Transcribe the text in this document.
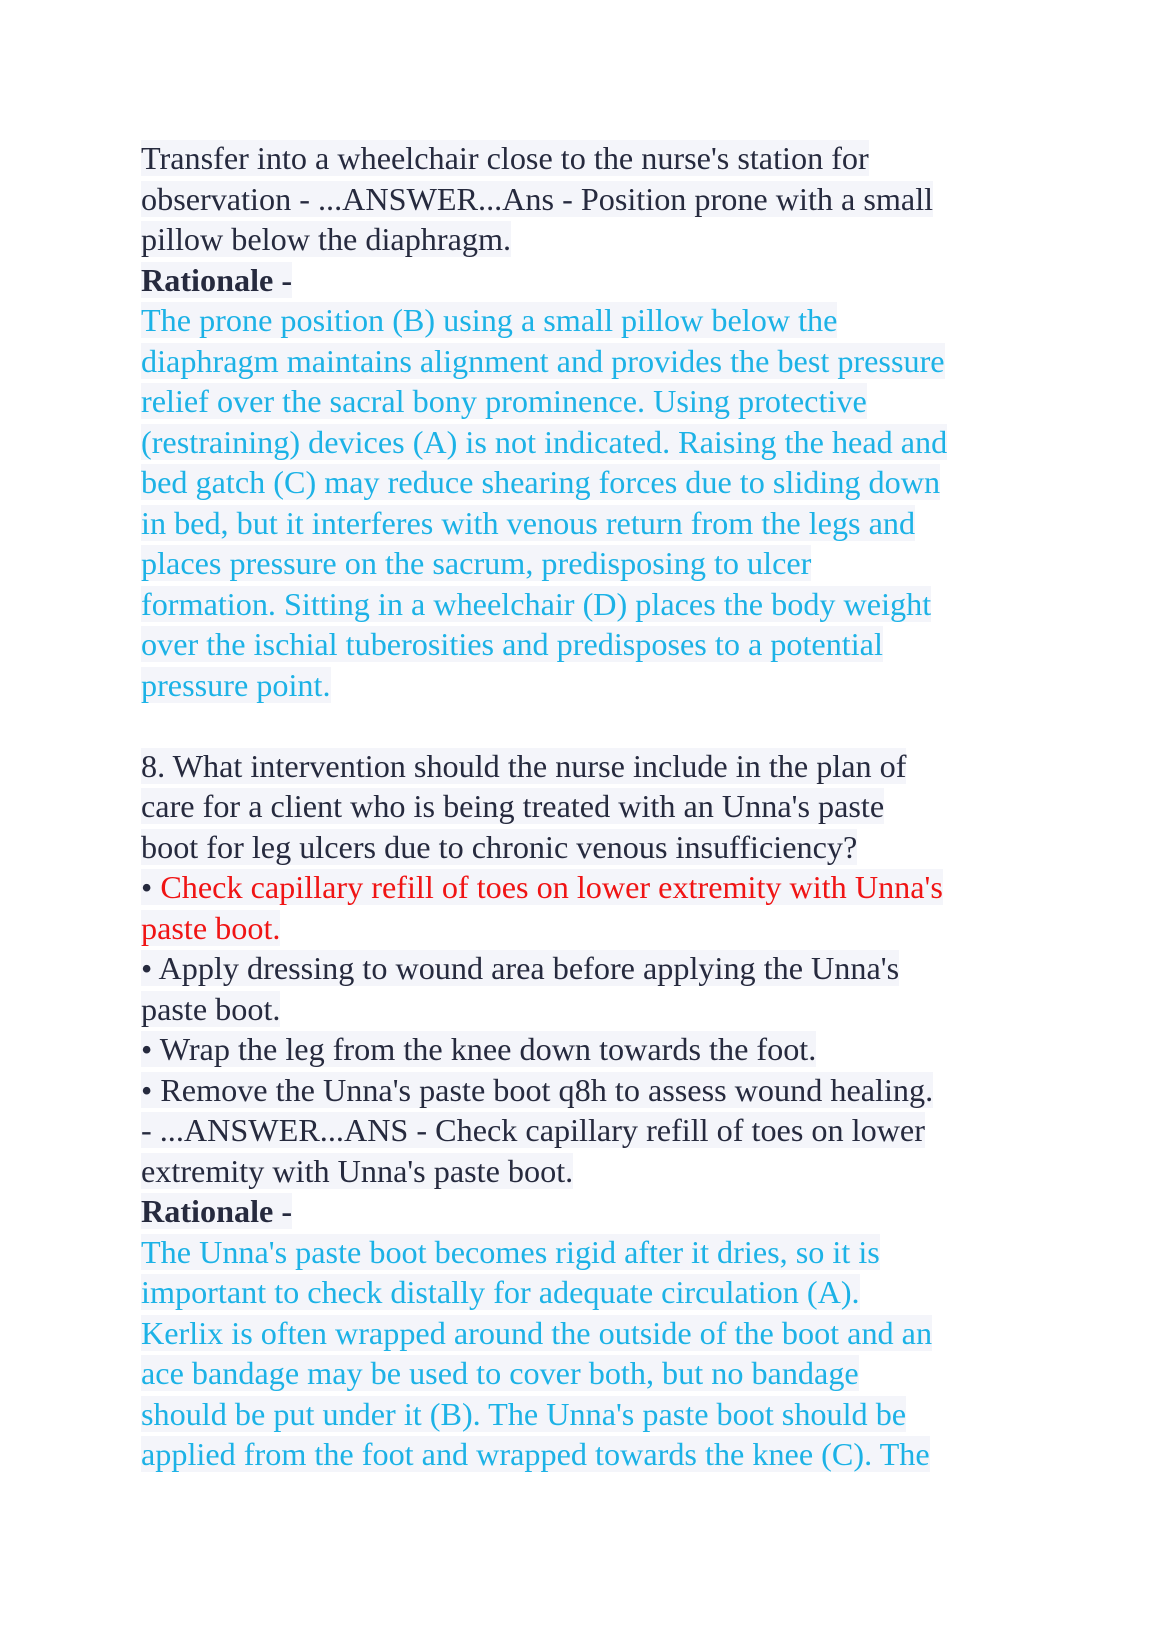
Transfer into a wheelchair close to the nurse's station for
observation - ...ANSWER...Ans - Position prone with a small
pillow below the diaphragm.
Rationale -
The prone position (B) using a small pillow below the
diaphragm maintains alignment and provides the best pressure
relief over the sacral bony prominence. Using protective
(restraining) devices (A) is not indicated. Raising the head and
bed gatch (C) may reduce shearing forces due to sliding down
in bed, but it interferes with venous return from the legs and
places pressure on the sacrum, predisposing to ulcer
formation. Sitting in a wheelchair (D) places the body weight
over the ischial tuberosities and predisposes to a potential
pressure point.
8. What intervention should the nurse include in the plan of
care for a client who is being treated with an Unna's paste
boot for leg ulcers due to chronic venous insufficiency?
• Check capillary refill of toes on lower extremity with Unna's
paste boot.
• Apply dressing to wound area before applying the Unna's
paste boot.
• Wrap the leg from the knee down towards the foot.
• Remove the Unna's paste boot q8h to assess wound healing.
- ...ANSWER...ANS - Check capillary refill of toes on lower
extremity with Unna's paste boot.
Rationale -
The Unna's paste boot becomes rigid after it dries, so it is
important to check distally for adequate circulation (A).
Kerlix is often wrapped around the outside of the boot and an
ace bandage may be used to cover both, but no bandage
should be put under it (B). The Unna's paste boot should be
applied from the foot and wrapped towards the knee (C). The
